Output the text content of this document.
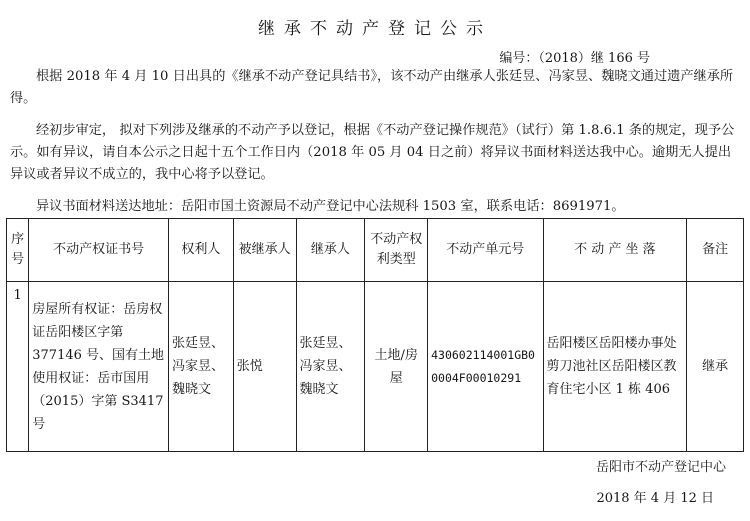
继承不动产登记公示
编号：（2018）继 166 号

根据 2018 年 4 月 10 日出具的《继承不动产登记具结书》，该不动产由继承人张廷昱、冯家昱、魏晓文通过遗产继承所得。

经初步审定， 拟对下列涉及继承的不动产予以登记，根据《不动产登记操作规范》（试行）第 1.8.6.1 条的规定，现予公示。如有异议，请自本公示之日起十五个工作日内（2018 年 05 月 04 日之前）将异议书面材料送达我中心。逾期无人提出异议或者异议不成立的，我中心将予以登记。

异议书面材料送达地址：岳阳市国土资源局不动产登记中心法规科 1503 室，联系电话：8691971。

序号	不动产权证书号	权利人	被继承人	继承人	不动产权利类型	不动产单元号	不 动 产 坐 落	备注
1	房屋所有权证：岳房权证岳阳楼区字第 377146 号、国有土地使用权证：岳市国用（2015）字第 S3417 号	张廷昱、冯家昱、魏晓文	张悦	张廷昱、冯家昱、魏晓文	土地/房屋	430602114001GB00004F00010291	岳阳楼区岳阳楼办事处剪刀池社区岳阳楼区教育住宅小区 1 栋 406	继承
岳阳市不动产登记中心
2018 年 4 月 12 日
